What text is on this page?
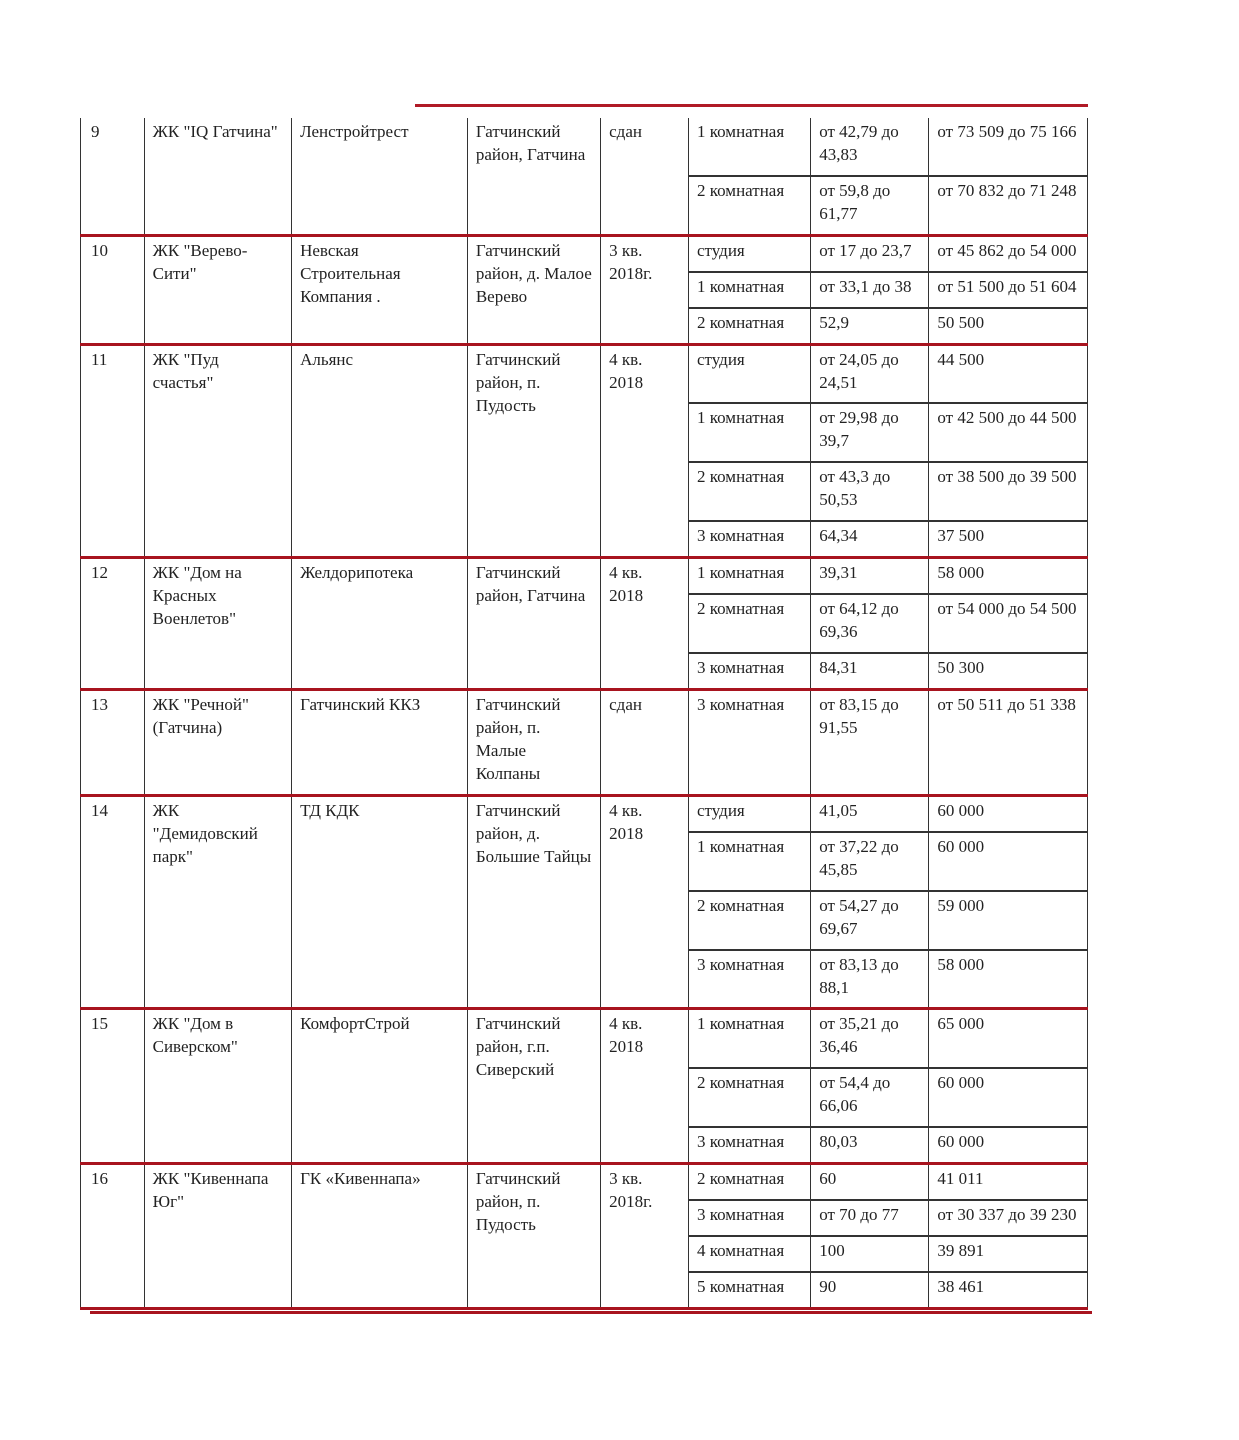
9	ЖК "IQ Гатчина"	Ленстройтрест	Гатчинский район, Гатчина	сдан	1 комнатная	от 42,79 до 43,83	от 73 509 до 75 166
					2 комнатная	от 59,8 до 61,77	от 70 832 до 71 248
10	ЖК "Верево-Сити"	Невская Строительная Компания .	Гатчинский район, д. Малое Верево	3 кв. 2018г.	студия	от 17 до 23,7	от 45 862 до 54 000
					1 комнатная	от 33,1 до 38	от 51 500 до 51 604
					2 комнатная	52,9	50 500
11	ЖК "Пуд счастья"	Альянс	Гатчинский район, п. Пудость	4 кв. 2018	студия	от 24,05 до 24,51	44 500
					1 комнатная	от 29,98 до 39,7	от 42 500 до 44 500
					2 комнатная	от 43,3 до 50,53	от 38 500 до 39 500
					3 комнатная	64,34	37 500
12	ЖК "Дом на Красных Военлетов"	Желдорипотека	Гатчинский район, Гатчина	4 кв. 2018	1 комнатная	39,31	58 000
					2 комнатная	от 64,12 до 69,36	от 54 000 до 54 500
					3 комнатная	84,31	50 300
13	ЖК "Речной" (Гатчина)	Гатчинский ККЗ	Гатчинский район, п. Малые Колпаны	сдан	3 комнатная	от 83,15 до 91,55	от 50 511 до 51 338
14	ЖК "Демидовский парк"	ТД КДК	Гатчинский район, д. Большие Тайцы	4 кв. 2018	студия	41,05	60 000
					1 комнатная	от 37,22 до 45,85	60 000
					2 комнатная	от 54,27 до 69,67	59 000
					3 комнатная	от 83,13 до 88,1	58 000
15	ЖК "Дом в Сиверском"	КомфортСтрой	Гатчинский район, г.п. Сиверский	4 кв. 2018	1 комнатная	от 35,21 до 36,46	65 000
					2 комнатная	от 54,4 до 66,06	60 000
					3 комнатная	80,03	60 000
16	ЖК "Кивеннапа Юг"	ГК «Кивеннапа»	Гатчинский район, п. Пудость	3 кв. 2018г.	2 комнатная	60	41 011
					3 комнатная	от 70 до 77	от 30 337 до 39 230
					4 комнатная	100	39 891
					5 комнатная	90	38 461
